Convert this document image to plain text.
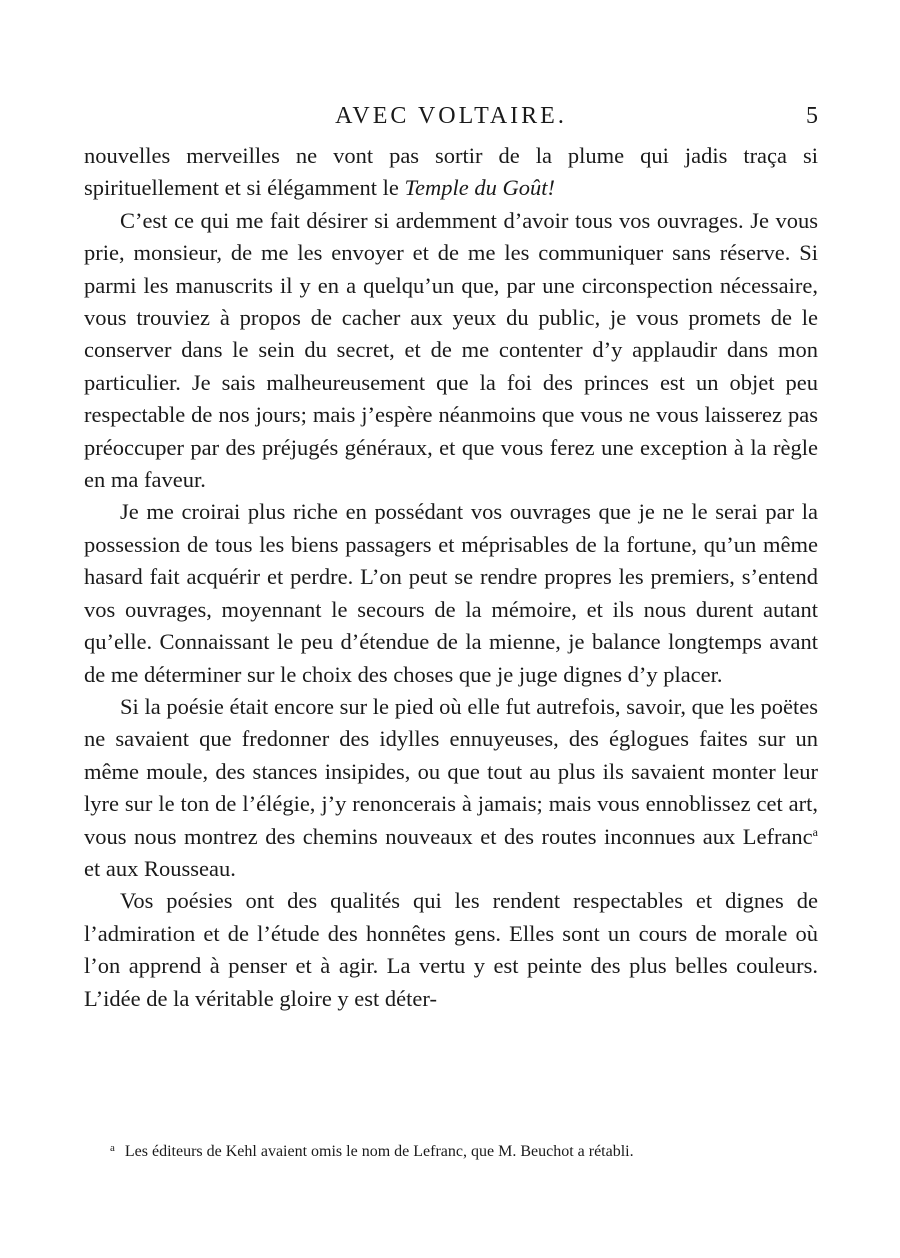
AVEC VOLTAIRE.	5

nouvelles merveilles ne vont pas sortir de la plume qui jadis traça si spirituellement et si élégamment le Temple du Goût!

C’est ce qui me fait désirer si ardemment d’avoir tous vos ouvrages. Je vous prie, monsieur, de me les envoyer et de me les communiquer sans réserve. Si parmi les manuscrits il y en a quelqu’un que, par une circonspection nécessaire, vous trouviez à propos de cacher aux yeux du public, je vous promets de le conserver dans le sein du secret, et de me contenter d’y applaudir dans mon particulier. Je sais malheureusement que la foi des princes est un objet peu respectable de nos jours; mais j’espère néanmoins que vous ne vous laisserez pas préoccuper par des préjugés généraux, et que vous ferez une exception à la règle en ma faveur.

Je me croirai plus riche en possédant vos ouvrages que je ne le serai par la possession de tous les biens passagers et méprisables de la fortune, qu’un même hasard fait acquérir et perdre. L’on peut se rendre propres les premiers, s’entend vos ouvrages, moyennant le secours de la mémoire, et ils nous durent autant qu’elle. Connaissant le peu d’étendue de la mienne, je balance longtemps avant de me déterminer sur le choix des choses que je juge dignes d’y placer.

Si la poésie était encore sur le pied où elle fut autrefois, savoir, que les poëtes ne savaient que fredonner des idylles ennuyeuses, des églogues faites sur un même moule, des stances insipides, ou que tout au plus ils savaient monter leur lyre sur le ton de l’élégie, j’y renoncerais à jamais; mais vous ennoblissez cet art, vous nous montrez des chemins nouveaux et des routes inconnues aux Lefranc$^a$ et aux Rousseau.

Vos poésies ont des qualités qui les rendent respectables et dignes de l’admiration et de l’étude des honnêtes gens. Elles sont un cours de morale où l’on apprend à penser et à agir. La vertu y est peinte des plus belles couleurs. L’idée de la véritable gloire y est déter-

$^a$ Les éditeurs de Kehl avaient omis le nom de Lefranc, que M. Beuchot a rétabli.
